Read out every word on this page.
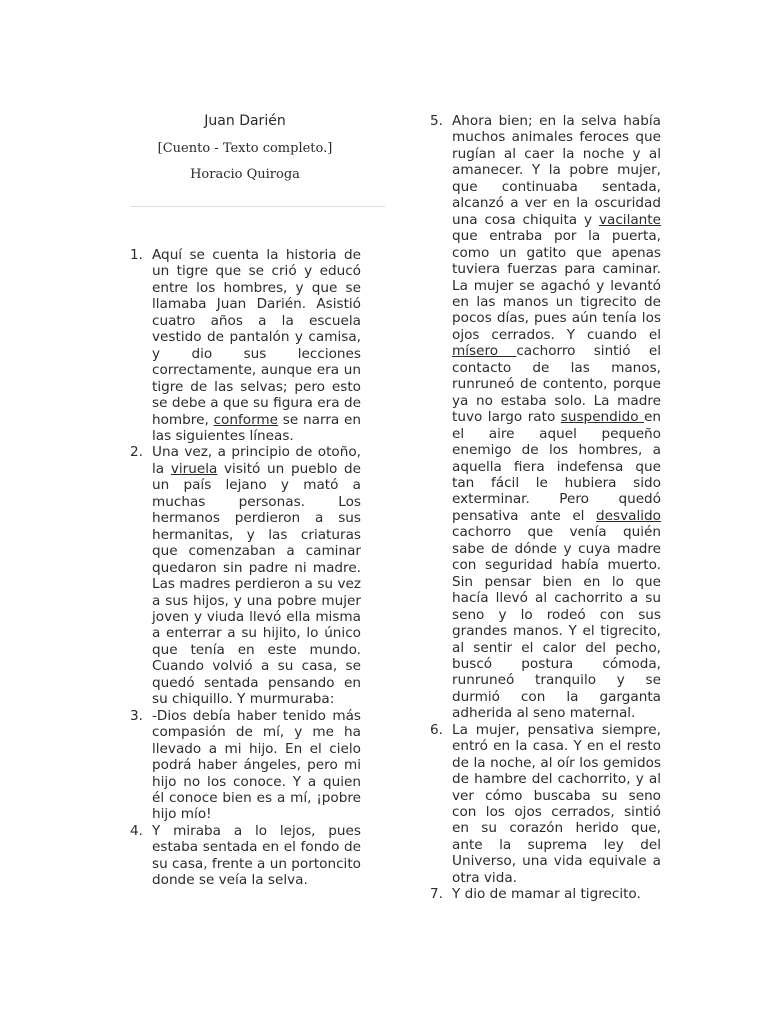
Juan Darién
[Cuento - Texto completo.]
Horacio Quiroga
1. Aquí se cuenta la historia de un tigre que se crió y educó entre los hombres, y que se llamaba Juan Darién. Asistió cuatro años a la escuela vestido de pantalón y camisa, y dio sus lecciones correctamente, aunque era un tigre de las selvas; pero esto se debe a que su figura era de hombre, conforme se narra en las siguientes líneas.
2. Una vez, a principio de otoño, la viruela visitó un pueblo de un país lejano y mató a muchas personas. Los hermanos perdieron a sus hermanitas, y las criaturas que comenzaban a caminar quedaron sin padre ni madre. Las madres perdieron a su vez a sus hijos, y una pobre mujer joven y viuda llevó ella misma a enterrar a su hijito, lo único que tenía en este mundo. Cuando volvió a su casa, se quedó sentada pensando en su chiquillo. Y murmuraba:
3. -Dios debía haber tenido más compasión de mí, y me ha llevado a mi hijo. En el cielo podrá haber ángeles, pero mi hijo no los conoce. Y a quien él conoce bien es a mí, ¡pobre hijo mío!
4. Y miraba a lo lejos, pues estaba sentada en el fondo de su casa, frente a un portoncito donde se veía la selva.
5. Ahora bien; en la selva había muchos animales feroces que rugían al caer la noche y al amanecer. Y la pobre mujer, que continuaba sentada, alcanzó a ver en la oscuridad una cosa chiquita y vacilante que entraba por la puerta, como un gatito que apenas tuviera fuerzas para caminar. La mujer se agachó y levantó en las manos un tigrecito de pocos días, pues aún tenía los ojos cerrados. Y cuando el mísero cachorro sintió el contacto de las manos, runruneó de contento, porque ya no estaba solo. La madre tuvo largo rato suspendido en el aire aquel pequeño enemigo de los hombres, a aquella fiera indefensa que tan fácil le hubiera sido exterminar. Pero quedó pensativa ante el desvalido cachorro que venía quién sabe de dónde y cuya madre con seguridad había muerto. Sin pensar bien en lo que hacía llevó al cachorrito a su seno y lo rodeó con sus grandes manos. Y el tigrecito, al sentir el calor del pecho, buscó postura cómoda, runruneó tranquilo y se durmió con la garganta adherida al seno maternal.
6. La mujer, pensativa siempre, entró en la casa. Y en el resto de la noche, al oír los gemidos de hambre del cachorrito, y al ver cómo buscaba su seno con los ojos cerrados, sintió en su corazón herido que, ante la suprema ley del Universo, una vida equivale a otra vida.
7. Y dio de mamar al tigrecito.
